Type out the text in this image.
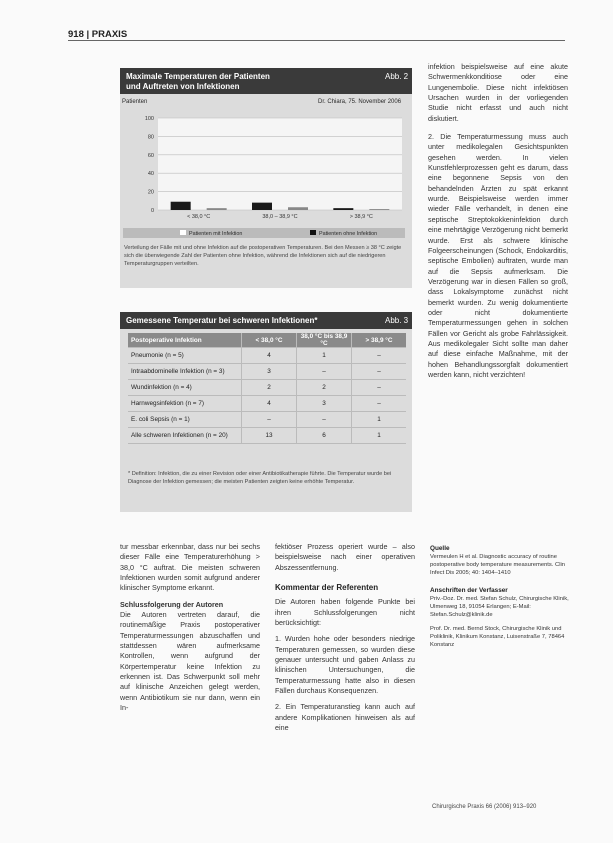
918 | PRAXIS
Maximale Temperaturen der Patienten
und Auftreten von Infektionen
Abb. 2
Patienten	Dr. Chiara, 75. November 2006
0
20
40
60
80
100
< 38,0 °C	38,0 – 38,9 °C	> 38,9 °C
Patienten mit Infektion	Patienten ohne Infektion
Verteilung der Fälle mit und ohne Infektion auf die postoperativen Temperaturen. Bei den Messen ≥ 38 °C zeigte sich die überwiegende Zahl der Patienten ohne Infektion, während die Infektionen sich auf die niedrigeren Temperaturgruppen verteilten.
Gemessene Temperatur bei schweren Infektionen*	Abb. 3
Postoperative Infektion	< 38,0 °C	38,0 °C bis 38,9 °C	> 38,9 °C
Pneumonie (n = 5)	4	1	–
Intraabdominelle Infektion (n = 3)	3	–	–
Wundinfektion (n = 4)	2	2	–
Harnwegsinfektion (n = 7)	4	3	–
E. coli Sepsis (n = 1)	–	–	1
Alle schweren Infektionen (n = 20)	13	6	1
* Definition: Infektion, die zu einer Revision oder einer Antibiotikatherapie führte. Die Temperatur wurde bei Diagnose der Infektion gemessen; die meisten Patienten zeigten keine erhöhte Temperatur.

infektion beispielsweise auf eine akute Schwermenkkonditiose oder eine Lungenembolie. Diese nicht infektiösen Ursachen wurden in der vorliegenden Studie nicht erfasst und auch nicht diskutiert.

2. Die Temperaturmessung muss auch unter medikolegalen Gesichtspunkten gesehen werden. In vielen Kunstfehlerprozessen geht es darum, dass eine begonnene Sepsis von den behandelnden Ärzten zu spät erkannt wurde. Beispielsweise werden immer wieder Fälle verhandelt, in denen eine septische Streptokokkeninfektion durch eine mehrtägige Verzögerung nicht bemerkt wurde. Erst als schwere klinische Folgeerscheinungen (Schock, Endokarditis, septische Embolien) auftraten, wurde man auf die Sepsis aufmerksam. Die Verzögerung war in diesen Fällen so groß, dass Lokalsymptome zunächst nicht bemerkt wurden. Zu wenig dokumentierte oder nicht dokumentierte Temperaturmessungen gehen in solchen Fällen vor Gericht als grobe Fahrlässigkeit. Aus medikolegaler Sicht sollte man daher auf diese einfache Maßnahme, mit der hohen Behandlungssorgfalt dokumentiert werden kann, nicht verzichten!

Quelle
Vermeulen H et al. Diagnostic accuracy of routine postoperative body temperature measurements. Clin Infect Dis 2005; 40: 1404–1410
Anschriften der Verfasser
Priv.-Doz. Dr. med. Stefan Schulz, Chirurgische Klinik, Ulmenweg 18, 91054 Erlangen; E-Mail: Stefan.Schulz@klinik.de
Prof. Dr. med. Bernd Stock, Chirurgische Klinik und Poliklinik, Klinikum Konstanz, Luisenstraße 7, 78464 Konstanz

tur messbar erkennbar, dass nur bei sechs dieser Fälle eine Temperaturerhöhung > 38,0 °C auftrat. Die meisten schweren Infektionen wurden somit aufgrund anderer klinischer Symptome erkannt.

Schlussfolgerung der Autoren

Die Autoren vertreten darauf, die routinemäßige Praxis postoperativer Temperaturmessungen abzuschaffen und stattdessen wären aufmerksame Kontrollen, wenn aufgrund der Körpertemperatur keine Infektion zu erkennen ist. Das Schwerpunkt soll mehr auf klinische Anzeichen gelegt werden, wenn Antibiotikum sie nur dann, wenn ein In-

fektiöser Prozess operiert wurde – also beispielsweise nach einer operativen Abszessentfernung.

Kommentar der Referenten

Die Autoren haben folgende Punkte bei ihren Schlussfolgerungen nicht berücksichtigt:

1. Wurden hohe oder besonders niedrige Temperaturen gemessen, so wurden diese genauer untersucht und gaben Anlass zu klinischen Untersuchungen, die Temperaturmessung hatte also in diesen Fällen durchaus Konsequenzen.

2. Ein Temperaturanstieg kann auch auf andere Komplikationen hinweisen als auf eine

Chirurgische Praxis 66 (2006) 913–920
